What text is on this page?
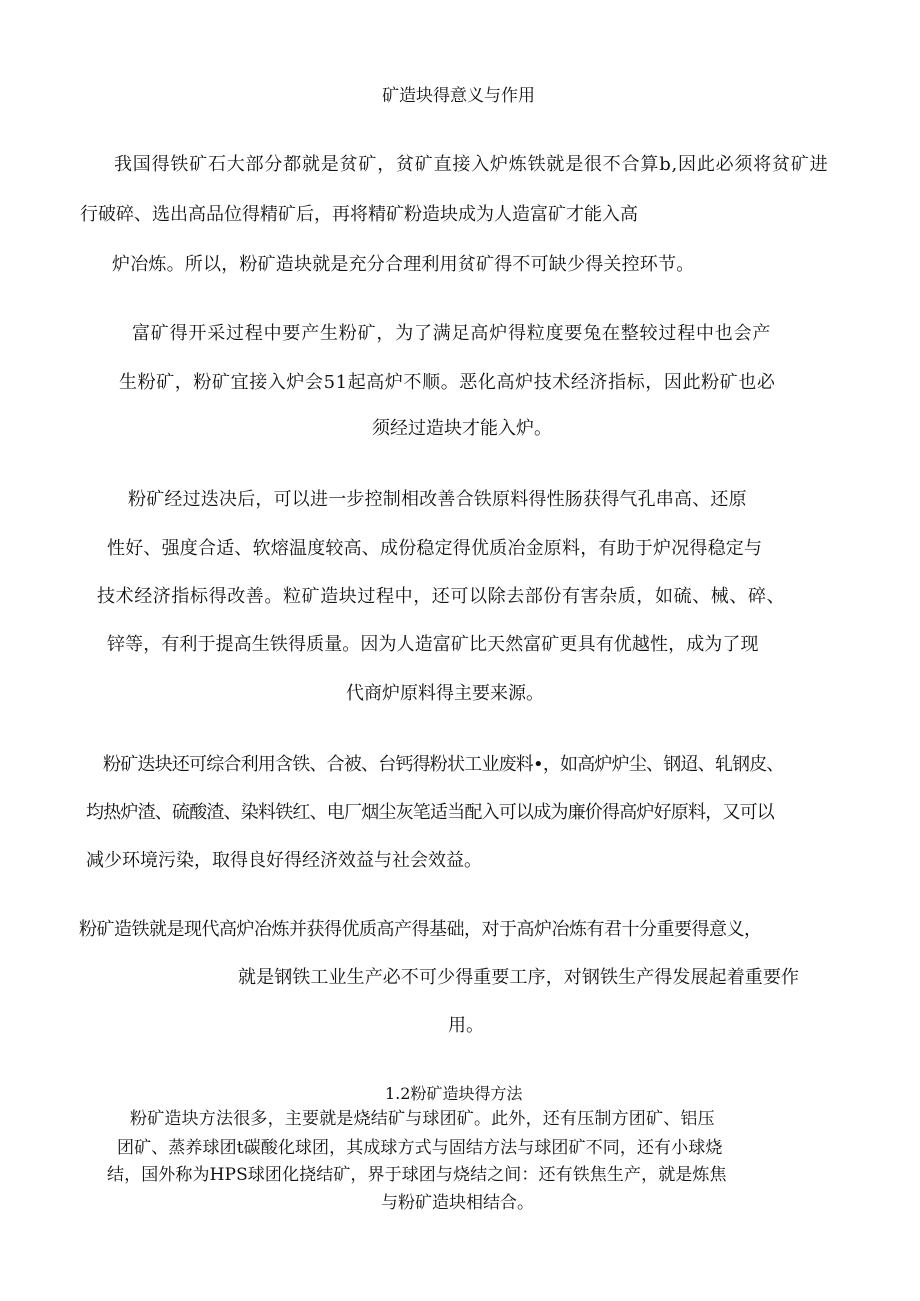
矿造块得意义与作用
我国得铁矿石大部分都就是贫矿，贫矿直接入炉炼铁就是很不合算b,因此必须将贫矿进
行破碎、选出高品位得精矿后，再将精矿粉造块成为人造富矿才能入高
炉冶炼。所以，粉矿造块就是充分合理利用贫矿得不可缺少得关控环节。
富矿得开采过程中要产生粉矿，为了满足高炉得粒度要兔在整较过程中也会产
生粉矿，粉矿宜接入炉会51起高炉不顺。恶化高炉技术经济指标，因此粉矿也必
须经过造块才能入炉。
粉矿经过迭决后，可以进一步控制相改善合铁原料得性肠获得气孔串高、还原
性好、强度合适、软熔温度较高、成份稳定得优质冶金原料，有助于炉况得稳定与
技术经济指标得改善。粒矿造块过程中，还可以除去部份有害杂质，如硫、械、碎、
锌等，有利于提高生铁得质量。因为人造富矿比天然富矿更具有优越性，成为了现
代商炉原料得主要来源。
粉矿迭块还可综合利用含铁、合被、台钙得粉状工业废料•，如高炉炉尘、钢迢、轧钢皮、
均热炉渣、硫酸渣、染料铁红、电厂烟尘灰笔适当配入可以成为廉价得高炉好原料，又可以
减少环境污染，取得良好得经济效益与社会效益。
粉矿造铁就是现代高炉冶炼并获得优质高产得基础，对于高炉冶炼有君十分重要得意义，
就是钢铁工业生产必不可少得重要工序，对钢铁生产得发展起着重要作
用。
1.2粉矿造块得方法
粉矿造块方法很多，主要就是烧结矿与球团矿。此外，还有压制方团矿、铝压
团矿、蒸养球团t碳酸化球团，其成球方式与固结方法与球团矿不同，还有小球烧
结，国外称为HPS球团化挠结矿，界于球团与烧结之间：还有铁焦生产，就是炼焦
与粉矿造块相结合。
